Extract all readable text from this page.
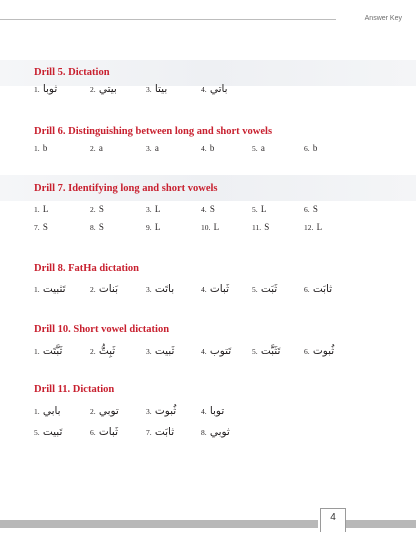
Answer Key
Drill 5. Dictation
1. ثوبا	2. بيتي	3. بيتا	4. باتي
Drill 6. Distinguishing between long and short vowels
1. b	2. a	3. a	4. b	5. a	6. b
Drill 7. Identifying long and short vowels
1. L	2. S	3. L	4. S	5. L	6. S
7. S	8. S	9. L	10. L	11. S	12. L
Drill 8. FatHa dictation
1. تَثبيت	2. بَنات	3. باتَت	4. ثَبات	5. ثَبَت	6. ثابَت
Drill 10. Short vowel dictation
1. ثَبَّتَت	2. ثَبِتُّ	3. ثَبيت	4. تَتوب	5. تَثَبَّت	6. ثُبوت
Drill 11. Dictation
1. بابي	2. توبي	3. ثُبوت	4. توبا
5. تَبيت	6. ثَبات	7. ثابَت	8. ثوبي
4
